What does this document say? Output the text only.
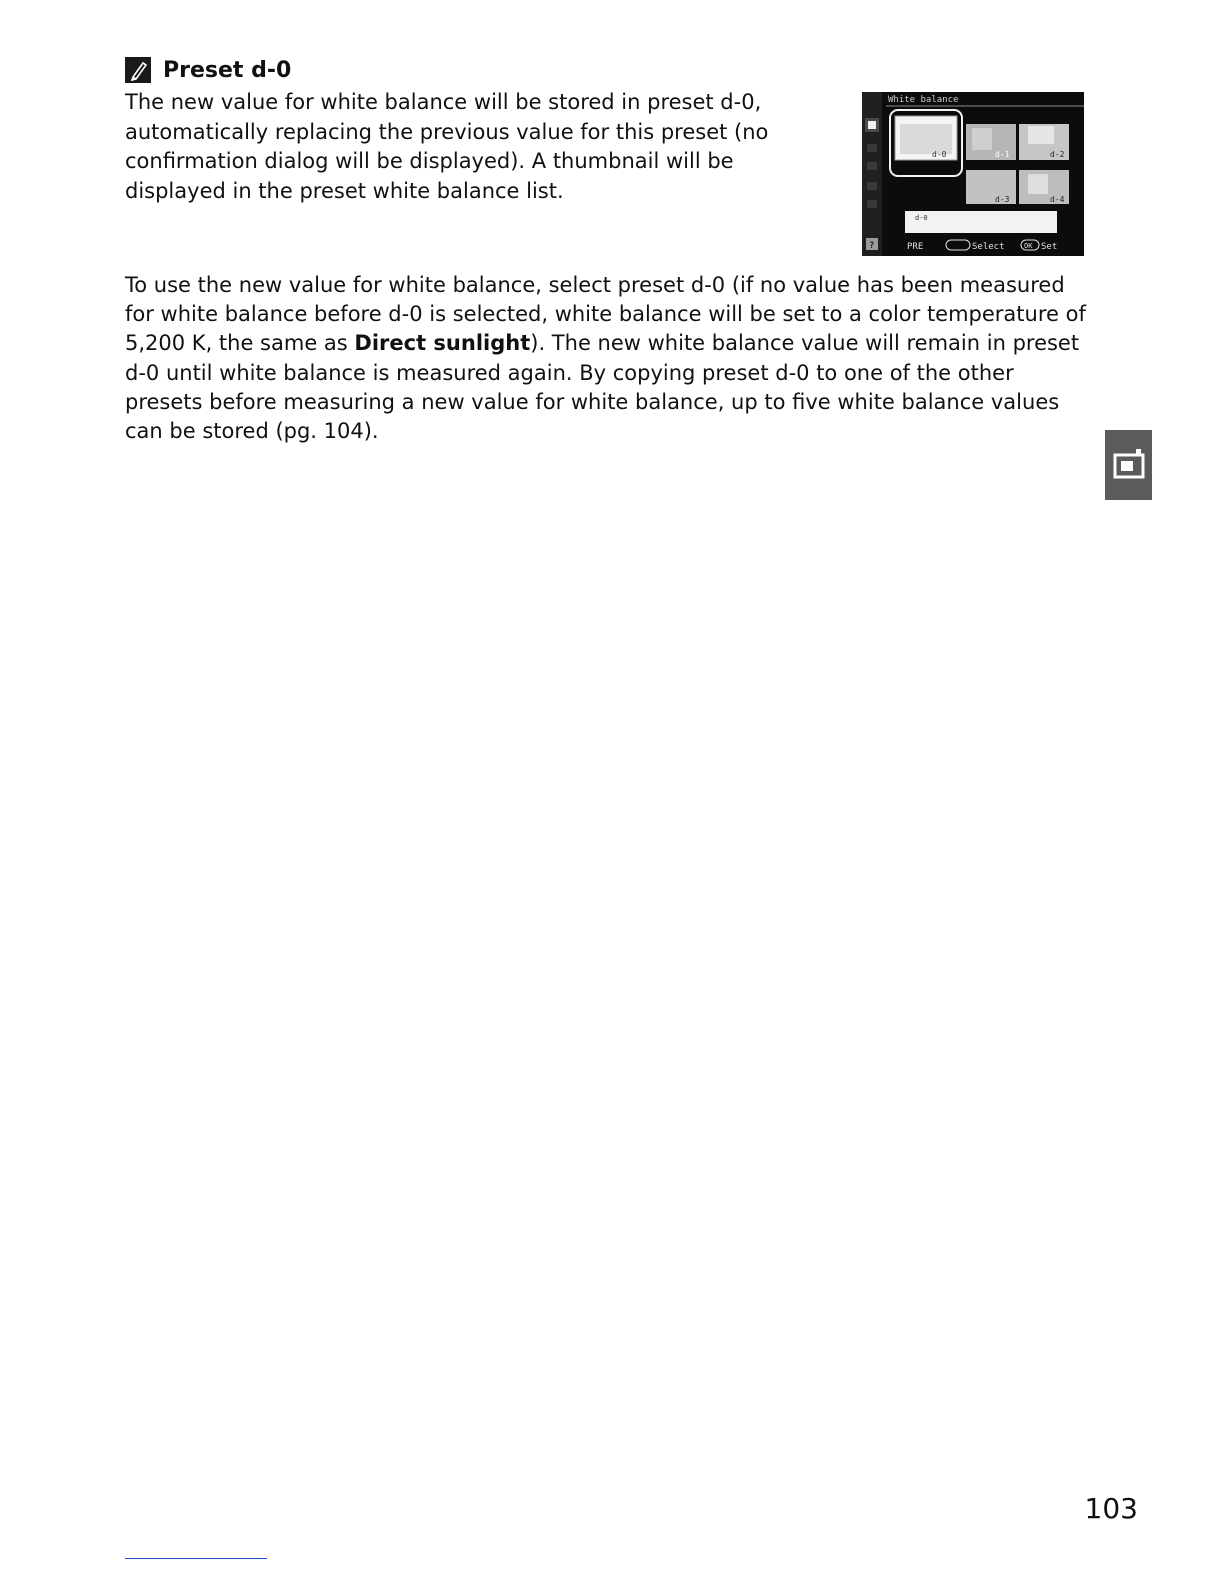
Preset d-0

The new value for white balance will be stored in preset d-0, automatically replacing the previous value for this preset (no confirmation dialog will be displayed). A thumbnail will be displayed in the preset white balance list.

White balance
d-0	d-1	d-2
d-3	d-4
d-0
?	PRE	Select	OK Set

To use the new value for white balance, select preset d-0 (if no value has been measured for white balance before d-0 is selected, white balance will be set to a color temperature of 5,200 K, the same as Direct sunlight). The new white balance value will remain in preset d-0 until white balance is measured again. By copying preset d-0 to one of the other presets before measuring a new value for white balance, up to five white balance values can be stored (pg. 104).

103
